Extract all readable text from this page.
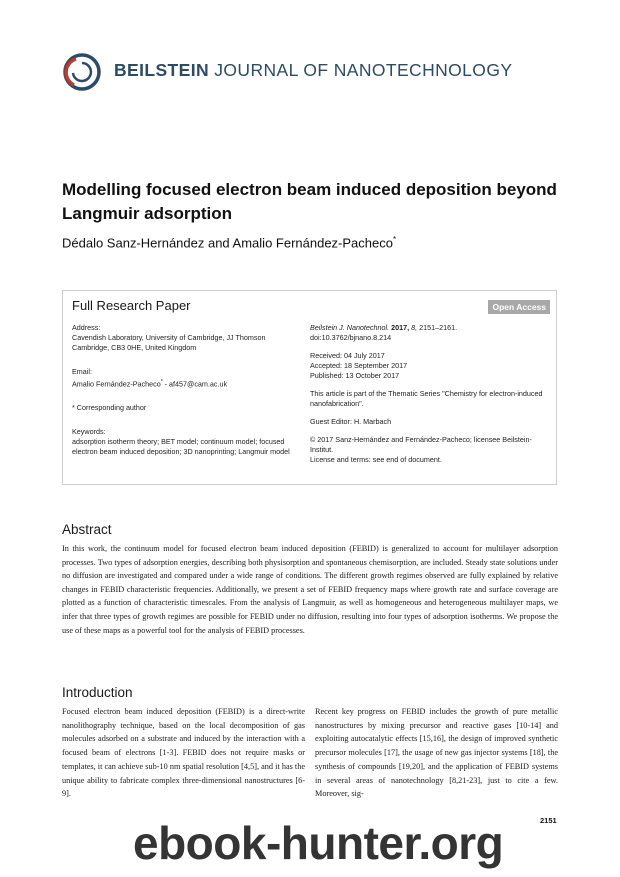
BEILSTEIN JOURNAL OF NANOTECHNOLOGY
Modelling focused electron beam induced deposition beyond Langmuir adsorption
Dédalo Sanz-Hernández and Amalio Fernández-Pacheco*
Full Research Paper	Open Access

Address:
Cavendish Laboratory, University of Cambridge, JJ Thomson Cambridge, CB3 0HE, United Kingdom

Email:
Amalio Fernández-Pacheco* - af457@cam.ac.uk

* Corresponding author

Keywords:
adsorption isotherm theory; BET model; continuum model; focused electron beam induced deposition; 3D nanoprinting; Langmuir model

Beilstein J. Nanotechnol. 2017, 8, 2151–2161.
doi:10.3762/bjnano.8.214

Received: 04 July 2017
Accepted: 18 September 2017
Published: 13 October 2017

This article is part of the Thematic Series "Chemistry for electron-induced nanofabrication".

Guest Editor: H. Marbach

© 2017 Sanz-Hernández and Fernández-Pacheco; licensee Beilstein-Institut.
License and terms: see end of document.

Abstract
In this work, the continuum model for focused electron beam induced deposition (FEBID) is generalized to account for multilayer adsorption processes. Two types of adsorption energies, describing both physisorption and spontaneous chemisorption, are included. Steady state solutions under no diffusion are investigated and compared under a wide range of conditions. The different growth regimes observed are fully explained by relative changes in FEBID characteristic frequencies. Additionally, we present a set of FEBID frequency maps where growth rate and surface coverage are plotted as a function of characteristic timescales. From the analysis of Langmuir, as well as homogeneous and heterogeneous multilayer maps, we infer that three types of growth regimes are possible for FEBID under no diffusion, resulting into four types of adsorption isotherms. We propose the use of these maps as a powerful tool for the analysis of FEBID processes.
Introduction
Focused electron beam induced deposition (FEBID) is a direct-write nanolithography technique, based on the local decomposition of gas molecules adsorbed on a substrate and induced by the interaction with a focused beam of electrons [1-3]. FEBID does not require masks or templates, it can achieve sub-10 nm spatial resolution [4,5], and it has the unique ability to fabricate complex three-dimensional nanostructures [6-9].
Recent key progress on FEBID includes the growth of pure metallic nanostructures by mixing precursor and reactive gases [10-14] and exploiting autocatalytic effects [15,16], the design of improved synthetic precursor molecules [17], the usage of new gas injector systems [18], the synthesis of compounds [19,20], and the application of FEBID systems in several areas of nanotechnology [8,21-23], just to cite a few. Moreover, sig-
2151
ebook-hunter.org
